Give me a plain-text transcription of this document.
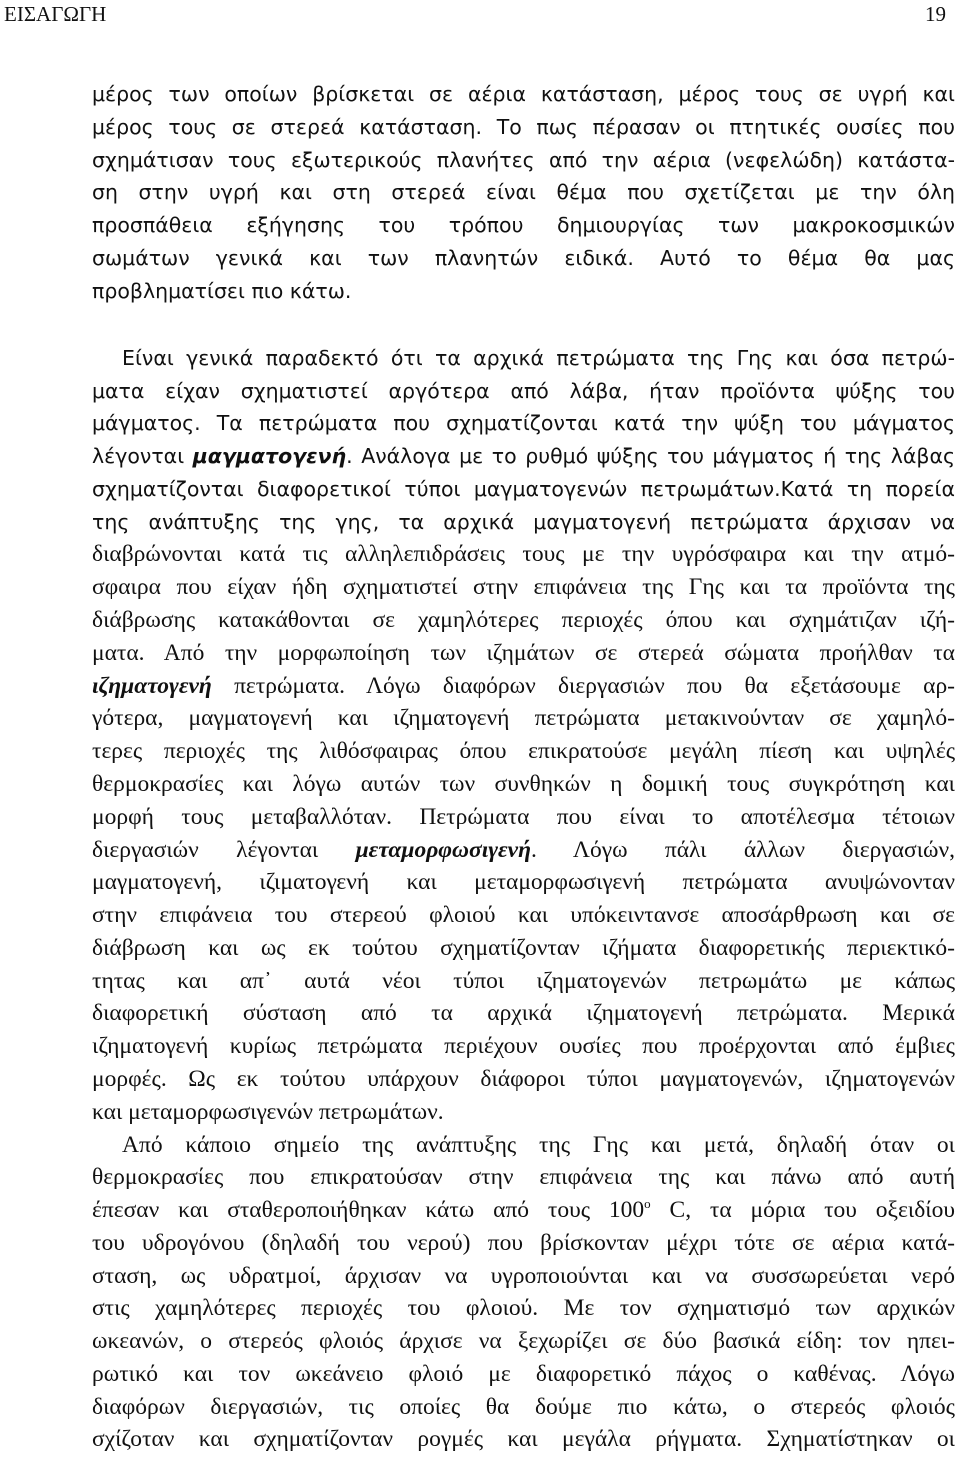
ΕΙΣΑΓΩΓΗ	19
μέρος των οποίων βρίσκεται σε αέρια κατάσταση, μέρος τους σε υγρή και
μέρος τους σε στερεά κατάσταση. Το πως πέρασαν οι πτητικές ουσίες που
σχημάτισαν τους εξωτερικούς πλανήτες από την αέρια (νεφελώδη) κατάστα-
ση στην υγρή και στη στερεά είναι θέμα που σχετίζεται με την όλη
προσπάθεια εξήγησης του τρόπου δημιουργίας των μακροκοσμικών
σωμάτων γενικά και των πλανητών ειδικά. Αυτό το θέμα θα μας
προβληματίσει πιο κάτω.
Είναι γενικά παραδεκτό ότι τα αρχικά πετρώματα της Γης και όσα πετρώ-
ματα είχαν σχηματιστεί αργότερα από λάβα, ήταν προϊόντα ψύξης του
μάγματος. Τα πετρώματα που σχηματίζονται κατά την ψύξη του μάγματος
λέγονται μαγματογενή. Ανάλογα με το ρυθμό ψύξης του μάγματος ή της λάβας
σχηματίζονται διαφορετικοί τύποι μαγματογενών πετρωμάτων.Κατά τη πορεία
της ανάπτυξης της γης, τα αρχικά μαγματογενή πετρώματα άρχισαν να
διαβρώνονται κατά τις αλληλεπιδράσεις τους με την υγρόσφαιρα και την ατμό-
σφαιρα που είχαν ήδη σχηματιστεί στην επιφάνεια της Γης και τα προϊόντα της
διάβρωσης κατακάθονται σε χαμηλότερες περιοχές όπου και σχημάτιζαν ιζή-
ματα. Από την μορφωποίηση των ιζημάτων σε στερεά σώματα προήλθαν τα
ιζηματογενή πετρώματα. Λόγω διαφόρων διεργασιών που θα εξετάσουμε αρ-
γότερα, μαγματογενή και ιζηματογενή πετρώματα μετακινούνταν σε χαμηλό-
τερες περιοχές της λιθόσφαιρας όπου επικρατούσε μεγάλη πίεση και υψηλές
θερμοκρασίες και λόγω αυτών των συνθηκών η δομική τους συγκρότηση και
μορφή τους μεταβαλλόταν. Πετρώματα που είναι το αποτέλεσμα τέτοιων
διεργασιών λέγονται μεταμορφωσιγενή. Λόγω πάλι άλλων διεργασιών,
μαγματογενή, ιζιματογενή και μεταμορφωσιγενή πετρώματα ανυψώνονταν
στην επιφάνεια του στερεού φλοιού και υπόκειντανσε αποσάρθρωση και σε
διάβρωση και ως εκ τούτου σχηματίζονταν ιζήματα διαφορετικής περιεκτικό-
τητας και απ᾿ αυτά νέοι τύποι ιζηματογενών πετρωμάτω με κάπως
διαφορετική σύσταση από τα αρχικά ιζηματογενή πετρώματα. Μερικά
ιζηματογενή κυρίως πετρώματα περιέχουν ουσίες που προέρχονται από έμβιες
μορφές. Ως εκ τούτου υπάρχουν διάφοροι τύποι μαγματογενών, ιζηματογενών
και μεταμορφωσιγενών πετρωμάτων.
Από κάποιο σημείο της ανάπτυξης της Γης και μετά, δηλαδή όταν οι
θερμοκρασίες που επικρατούσαν στην επιφάνεια της και πάνω από αυτή
έπεσαν και σταθεροποιήθηκαν κάτω από τους $100^o$ C, τα μόρια του οξειδίου
του υδρογόνου (δηλαδή του νερού) που βρίσκονταν μέχρι τότε σε αέρια κατά-
σταση, ως υδρατμοί, άρχισαν να υγροποιούνται και να συσσωρεύεται νερό
στις χαμηλότερες περιοχές του φλοιού. Με τον σχηματισμό των αρχικών
ωκεανών, ο στερεός φλοιός άρχισε να ξεχωρίζει σε δύο βασικά είδη: τον ηπει-
ρωτικό και τον ωκεάνειο φλοιό με διαφορετικό πάχος ο καθένας. Λόγω
διαφόρων διεργασιών, τις οποίες θα δούμε πιο κάτω, ο στερεός φλοιός
σχίζοταν και σχηματίζονταν ρογμές και μεγάλα ρήγματα. Σχηματίστηκαν οι
